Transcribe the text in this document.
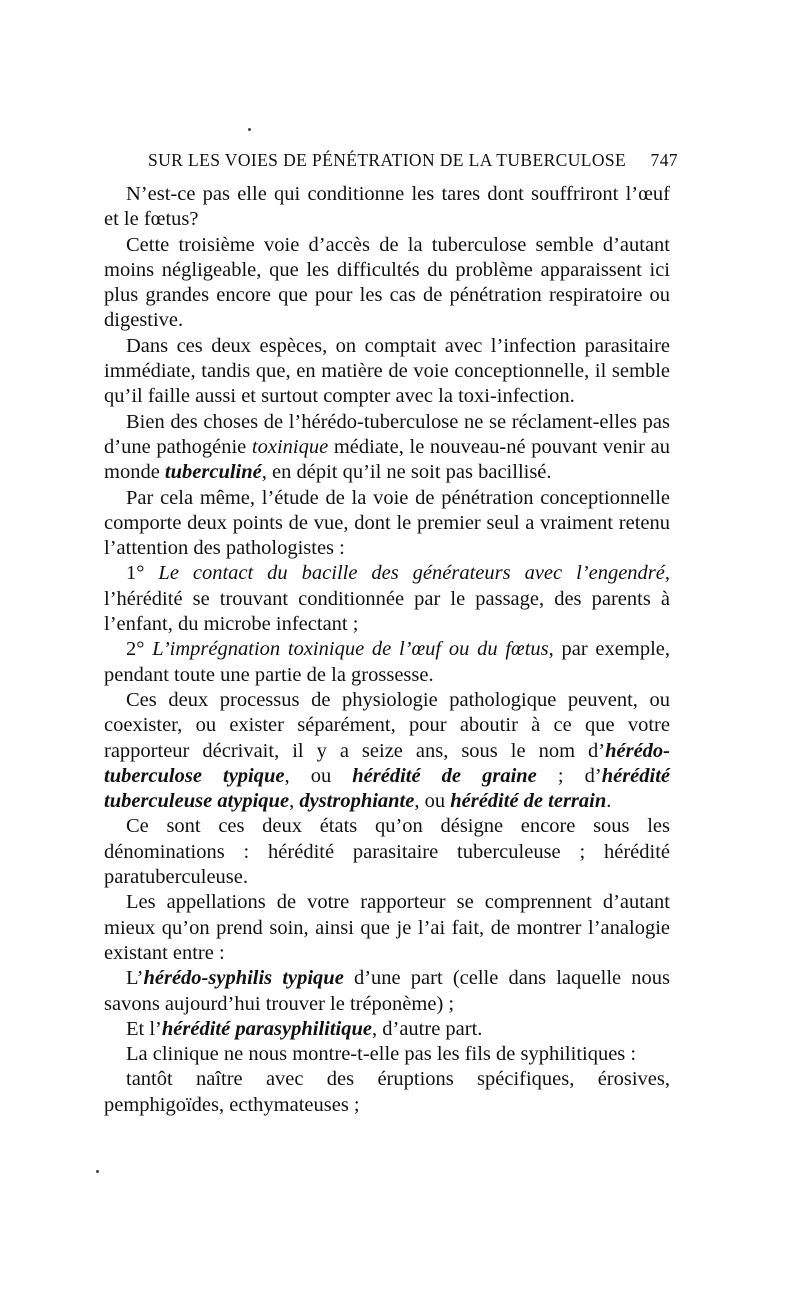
SUR LES VOIES DE PÉNÉTRATION DE LA TUBERCULOSE 747

N’est-ce pas elle qui conditionne les tares dont souffriront l’œuf et le fœtus?

Cette troisième voie d’accès de la tuberculose semble d’autant moins négligeable, que les difficultés du problème apparaissent ici plus grandes encore que pour les cas de pénétration respiratoire ou digestive.

Dans ces deux espèces, on comptait avec l’infection parasitaire immédiate, tandis que, en matière de voie conceptionnelle, il semble qu’il faille aussi et surtout compter avec la toxi-infection.

Bien des choses de l’hérédo-tuberculose ne se réclament-elles pas d’une pathogénie toxinique médiate, le nouveau-né pouvant venir au monde tuberculiné, en dépit qu’il ne soit pas bacillisé.

Par cela même, l’étude de la voie de pénétration conceptionnelle comporte deux points de vue, dont le premier seul a vraiment retenu l’attention des pathologistes :

1° Le contact du bacille des générateurs avec l’engendré, l’hérédité se trouvant conditionnée par le passage, des parents à l’enfant, du microbe infectant ;

2° L’imprégnation toxinique de l’œuf ou du fœtus, par exemple, pendant toute une partie de la grossesse.

Ces deux processus de physiologie pathologique peuvent, ou coexister, ou exister séparément, pour aboutir à ce que votre rapporteur décrivait, il y a seize ans, sous le nom d’hérédo-tuberculose typique, ou hérédité de graine ; d’hérédité tuberculeuse atypique, dystrophiante, ou hérédité de terrain.

Ce sont ces deux états qu’on désigne encore sous les dénominations : hérédité parasitaire tuberculeuse ; hérédité paratuberculeuse.

Les appellations de votre rapporteur se comprennent d’autant mieux qu’on prend soin, ainsi que je l’ai fait, de montrer l’analogie existant entre :

L’hérédo-syphilis typique d’une part (celle dans laquelle nous savons aujourd’hui trouver le tréponème) ;

Et l’hérédité parasyphilitique, d’autre part.

La clinique ne nous montre-t-elle pas les fils de syphilitiques :

tantôt naître avec des éruptions spécifiques, érosives, pemphigoïdes, ecthymateuses ;
